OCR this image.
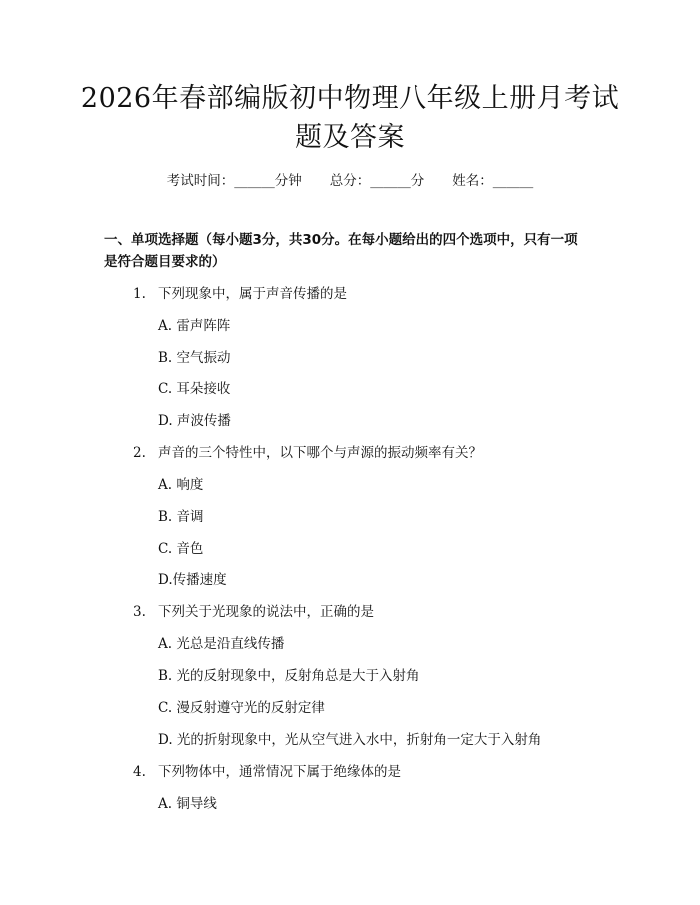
2026年春部编版初中物理八年级上册月考试
题及答案
考试时间：______分钟 总分：______分 姓名：______
一、单项选择题（每小题3分，共30分。在每小题给出的四个选项中，只有一项
是符合题目要求的）
1. 下列现象中，属于声音传播的是
A. 雷声阵阵
B. 空气振动
C. 耳朵接收
D. 声波传播
2. 声音的三个特性中，以下哪个与声源的振动频率有关？
A. 响度
B. 音调
C. 音色
D.传播速度
3. 下列关于光现象的说法中，正确的是
A. 光总是沿直线传播
B. 光的反射现象中，反射角总是大于入射角
C. 漫反射遵守光的反射定律
D. 光的折射现象中，光从空气进入水中，折射角一定大于入射角
4. 下列物体中，通常情况下属于绝缘体的是
A. 铜导线
